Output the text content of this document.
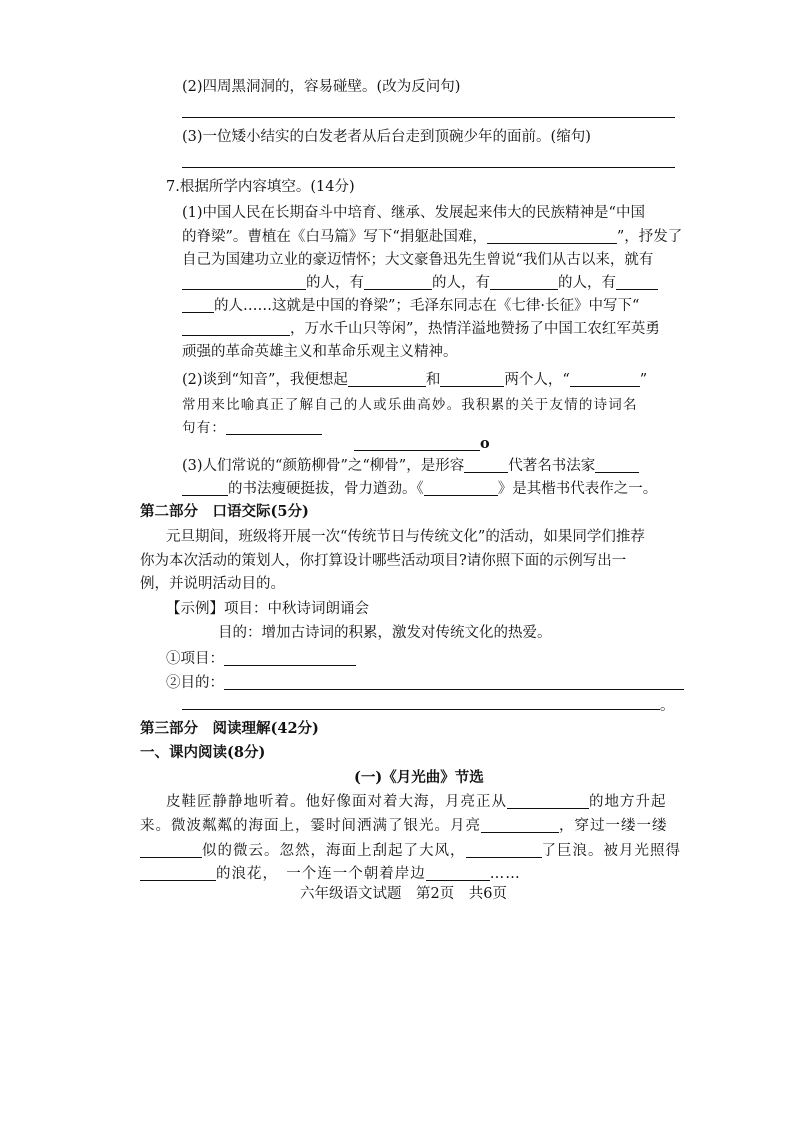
(2)四周黑洞洞的，容易碰壁。(改为反问句)
(3)一位矮小结实的白发老者从后台走到顶碗少年的面前。(缩句)
7.根据所学内容填空。(14分)
(1)中国人民在长期奋斗中培育、继承、发展起来伟大的民族精神是“中国
的脊梁”。曹植在《白马篇》写下“捐躯赴国难，	”，抒发了
自己为国建功立业的豪迈情怀；大文豪鲁迅先生曾说“我们从古以来，就有
的人，有	的人，有	的人，有
的人……这就是中国的脊梁”；毛泽东同志在《七律·长征》中写下“
，万水千山只等闲”，热情洋溢地赞扬了中国工农红军英勇
顽强的革命英雄主义和革命乐观主义精神。
(2)谈到“知音”，我便想起	和	两个人，“	”
常用来比喻真正了解自己的人或乐曲高妙。我积累的关于友情的诗词名
句有：
o
(3)人们常说的“颜筋柳骨”之“柳骨”，是形容	代著名书法家
的书法瘦硬挺拔，骨力遒劲。《	》是其楷书代表作之一。
第二部分　口语交际(5分)
元旦期间，班级将开展一次“传统节日与传统文化”的活动，如果同学们推荐
你为本次活动的策划人，你打算设计哪些活动项目?请你照下面的示例写出一
例，并说明活动目的。
【示例】项目：中秋诗词朗诵会
目的：增加古诗词的积累，激发对传统文化的热爱。
①项目：
②目的：
。
第三部分　阅读理解(42分)
一、课内阅读(8分)
(一)《月光曲》节选
皮鞋匠静静地听着。他好像面对着大海，月亮正从	的地方升起
来。微波粼粼的海面上，霎时间洒满了银光。月亮	，穿过一缕一缕
似的微云。忽然，海面上刮起了大风，	了巨浪。被月光照得
的浪花，　一个连一个朝着岸边	……
六年级语文试题　第2页　共6页
